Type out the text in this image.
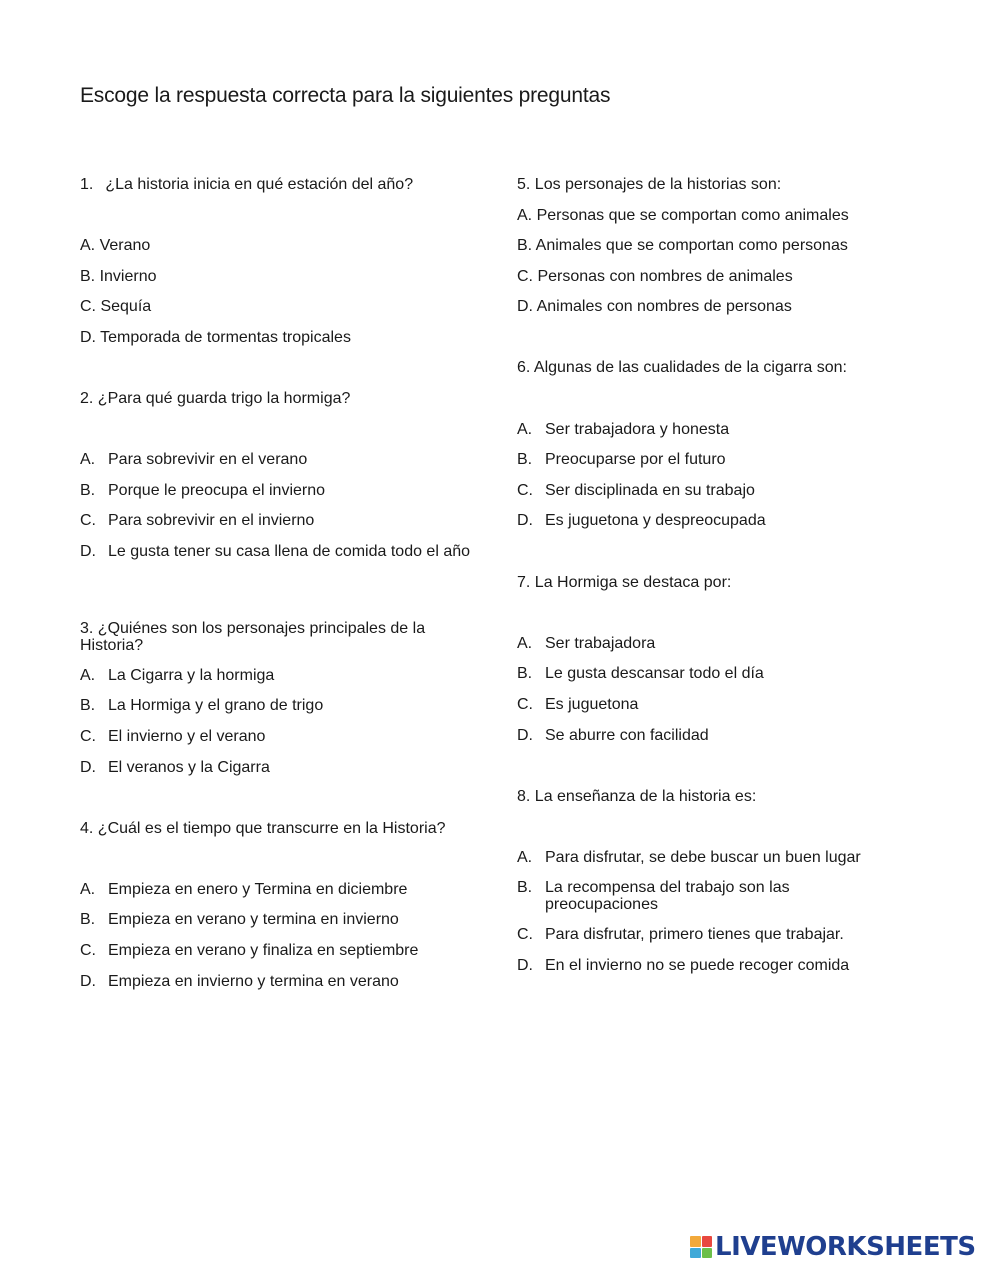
Escoge la respuesta correcta para la siguientes preguntas
1. ¿La historia inicia en qué estación del año?
A. Verano
B. Invierno
C. Sequía
D. Temporada de tormentas tropicales
2. ¿Para qué guarda trigo la hormiga?
A. Para sobrevivir en el verano
B. Porque le preocupa el invierno
C. Para sobrevivir en el invierno
D. Le gusta tener su casa llena de comida todo el año
3. ¿Quiénes son los personajes principales de la Historia?
A. La Cigarra y la hormiga
B. La Hormiga y el grano de trigo
C. El invierno y el verano
D. El veranos y la Cigarra
4. ¿Cuál es el tiempo que transcurre en la Historia?
A. Empieza en enero y Termina en diciembre
B. Empieza en verano y termina en invierno
C. Empieza en verano y finaliza en septiembre
D. Empieza en invierno y termina en verano
5. Los personajes de la historias son:
A. Personas que se comportan como animales
B. Animales que se comportan como personas
C. Personas con nombres de animales
D. Animales con nombres de personas
6. Algunas de las cualidades de la cigarra son:
A. Ser trabajadora y honesta
B. Preocuparse por el futuro
C. Ser disciplinada en su trabajo
D. Es juguetona y despreocupada
7. La Hormiga se destaca por:
A. Ser trabajadora
B. Le gusta descansar todo el día
C. Es juguetona
D. Se aburre con facilidad
8. La enseñanza de la historia es:
A. Para disfrutar, se debe buscar un buen lugar
B. La recompensa del trabajo son las preocupaciones
C. Para disfrutar, primero tienes que trabajar.
D. En el invierno no se puede recoger comida
LIVEWORKSHEETS
